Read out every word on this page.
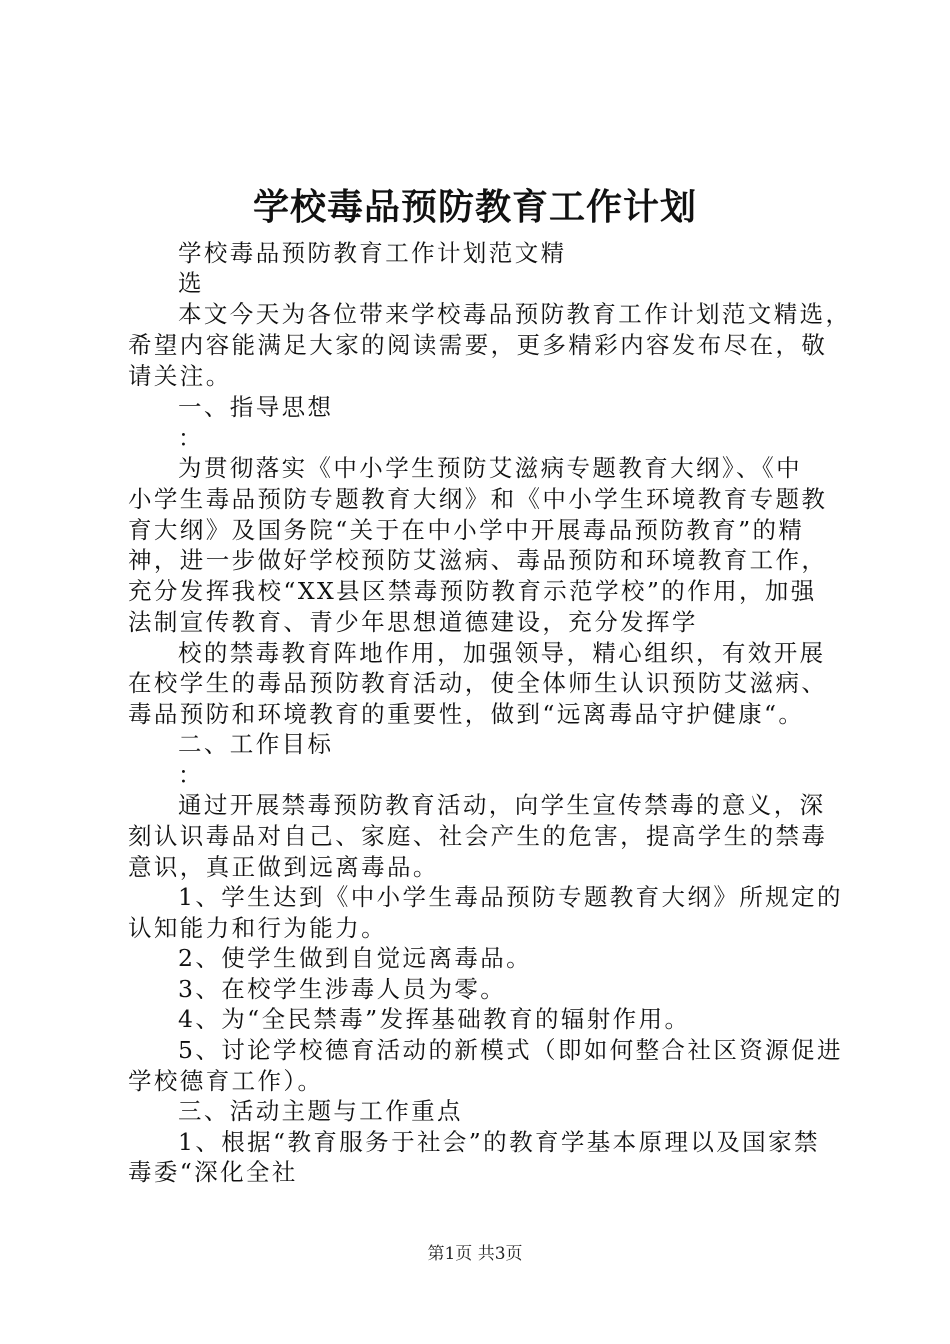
学校毒品预防教育工作计划
学校毒品预防教育工作计划范文精
选
本文今天为各位带来学校毒品预防教育工作计划范文精选，
希望内容能满足大家的阅读需要，更多精彩内容发布尽在，敬
请关注。
一、指导思想
：
为贯彻落实《中小学生预防艾滋病专题教育大纲》、《中
小学生毒品预防专题教育大纲》和《中小学生环境教育专题教
育大纲》及国务院“关于在中小学中开展毒品预防教育”的精
神，进一步做好学校预防艾滋病、毒品预防和环境教育工作，
充分发挥我校“XX县区禁毒预防教育示范学校”的作用，加强
法制宣传教育、青少年思想道德建设，充分发挥学
校的禁毒教育阵地作用，加强领导，精心组织，有效开展
在校学生的毒品预防教育活动，使全体师生认识预防艾滋病、
毒品预防和环境教育的重要性，做到“远离毒品守护健康“。
二、工作目标
：
通过开展禁毒预防教育活动，向学生宣传禁毒的意义，深
刻认识毒品对自己、家庭、社会产生的危害，提高学生的禁毒
意识，真正做到远离毒品。
1、学生达到《中小学生毒品预防专题教育大纲》所规定的
认知能力和行为能力。
2、使学生做到自觉远离毒品。
3、在校学生涉毒人员为零。
4、为“全民禁毒”发挥基础教育的辐射作用。
5、讨论学校德育活动的新模式（即如何整合社区资源促进
学校德育工作）。
三、活动主题与工作重点
1、根据“教育服务于社会”的教育学基本原理以及国家禁
毒委“深化全社
第1页 共3页
